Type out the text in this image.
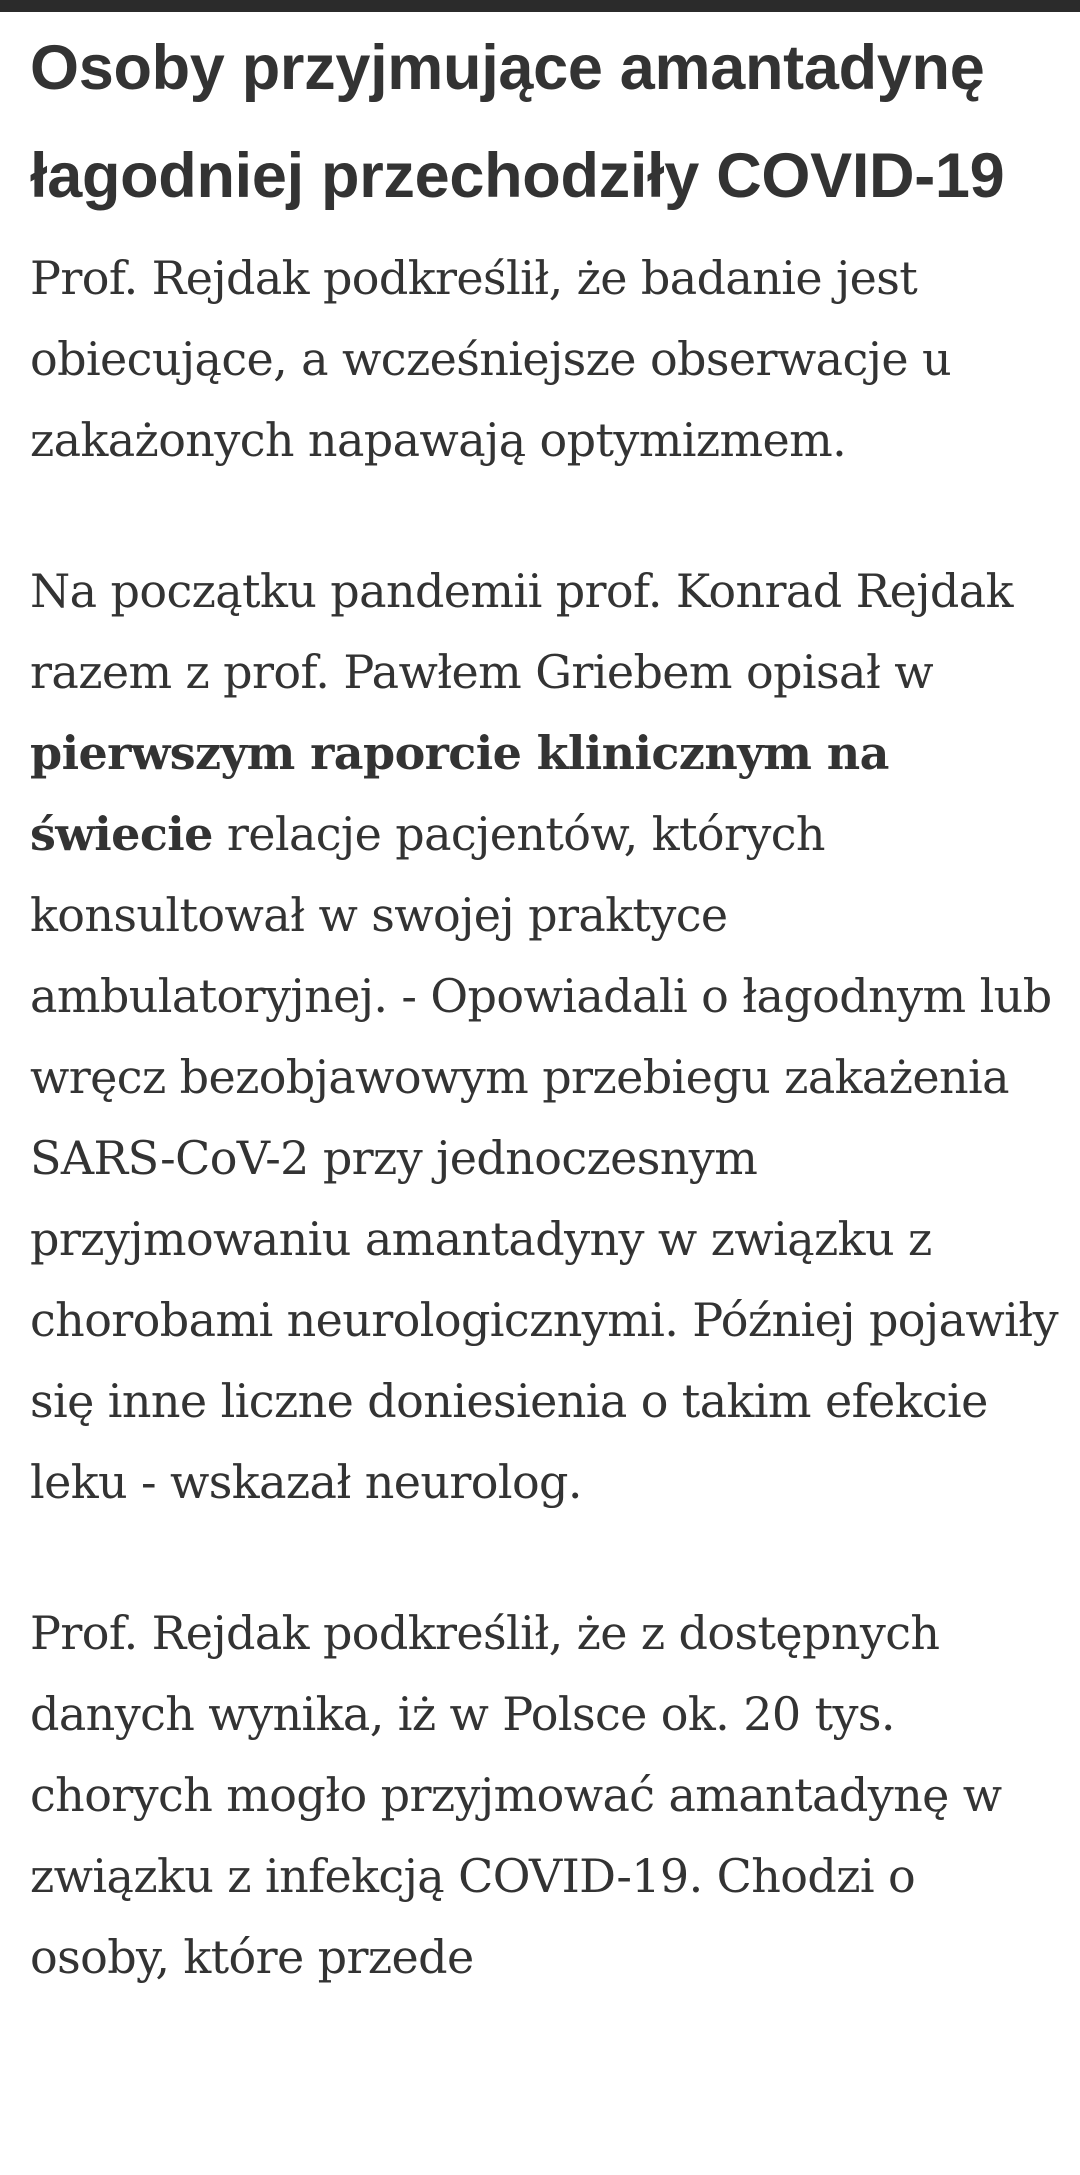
Osoby przyjmujące amantadynę łagodniej przechodziły COVID-19

Prof. Rejdak podkreślił, że badanie jest obiecujące, a wcześniejsze obserwacje u zakażonych napawają optymizmem.

Na początku pandemii prof. Konrad Rejdak razem z prof. Pawłem Griebem opisał w pierwszym raporcie klinicznym na świecie relacje pacjentów, których konsultował w swojej praktyce ambulatoryjnej. - Opowiadali o łagodnym lub wręcz bezobjawowym przebiegu zakażenia SARS-CoV-2 przy jednoczesnym przyjmowaniu amantadyny w związku z chorobami neurologicznymi. Później pojawiły się inne liczne doniesienia o takim efekcie leku - wskazał neurolog.

Prof. Rejdak podkreślił, że z dostępnych danych wynika, iż w Polsce ok. 20 tys. chorych mogło przyjmować amantadynę w związku z infekcją COVID-19. Chodzi o osoby, które przede
